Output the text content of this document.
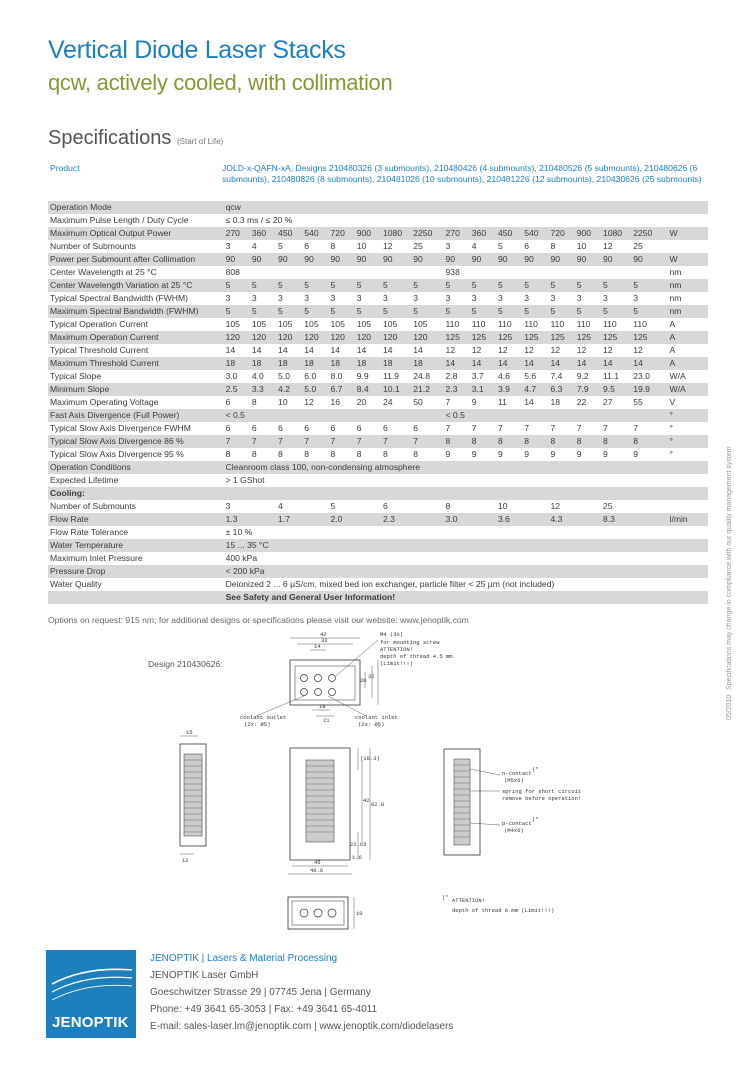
Vertical Diode Laser Stacks
qcw, actively cooled, with collimation
Specifications (Start of Life)
Product	JOLD-x-QAFN-xA, Designs 210480326 (3 submounts), 210480426 (4 submounts), 210480526 (5 submounts), 210480626 (6 submounts), 210480826 (8 submounts), 210481026 (10 submounts), 210481226 (12 submounts), 210430626 (25 submounts)
Operation Mode	qcw																
Maximum Pulse Length / Duty Cycle	≤ 0.3 ms / ≤ 20 %																
Maximum Optical Output Power	270	360	450	540	720	900	1080	2250	270	360	450	540	720	900	1080	2250	W
Number of Submounts	3	4	5	6	8	10	12	25	3	4	5	6	8	10	12	25	
Power per Submount after Collimation	90	90	90	90	90	90	90	90	90	90	90	90	90	90	90	90	W
Center Wavelength at 25 °C	808								938								nm
Center Wavelength Variation at 25 °C	5	5	5	5	5	5	5	5	5	5	5	5	5	5	5	5	nm
Typical Spectral Bandwidth (FWHM)	3	3	3	3	3	3	3	3	3	3	3	3	3	3	3	3	nm
Maximum Spectral Bandwidth (FWHM)	5	5	5	5	5	5	5	5	5	5	5	5	5	5	5	5	nm
Typical Operation Current	105	105	105	105	105	105	105	105	110	110	110	110	110	110	110	110	A
Maximum Operation Current	120	120	120	120	120	120	120	120	125	125	125	125	125	125	125	125	A
Typical Threshold Current	14	14	14	14	14	14	14	14	12	12	12	12	12	12	12	12	A
Maximum Threshold Current	18	18	18	18	18	18	18	18	14	14	14	14	14	14	14	14	A
Typical Slope	3.0	4.0	5.0	6.0	8.0	9.9	11.9	24.8	2.8	3.7	4.6	5.6	7.4	9.2	11.1	23.0	W/A
Minimum Slope	2.5	3.3	4.2	5.0	6.7	8.4	10.1	21.2	2.3	3.1	3.9	4.7	6.3	7.9	9.5	19.9	W/A
Maximum Operating Voltage	6	8	10	12	16	20	24	50	7	9	11	14	18	22	27	55	V
Fast Axis Divergence (Full Power)	< 0.5								< 0.5								°
Typical Slow Axis Divergence FWHM	6	6	6	6	6	6	6	6	7	7	7	7	7	7	7	7	°
Typical Slow Axis Divergence 86 %	7	7	7	7	7	7	7	7	8	8	8	8	8	8	8	8	°
Typical Slow Axis Divergence 95 %	8	8	8	8	8	8	8	8	9	9	9	9	9	9	9	9	°
Operation Conditions	Cleanroom class 100, non-condensing atmosphere																
Expected Lifetime	> 1 GShot																
Cooling:																	
Number of Submounts	3		4		5		6		8		10		12		25		
Flow Rate	1.3		1.7		2.0		2.3		3.0		3.6		4.3		8.3		l/min
Flow Rate Tolerance	± 10 %																
Water Temperature	15 ... 35 °C																
Maximum Inlet Pressure	400 kPa																
Pressure Drop	< 200 kPa																
Water Quality	Deionized 2 ... 6 µS/cm, mixed bed ion exchanger, particle filter < 25 µm (not included)																
	See Safety and General User Information!																
Options on request: 915 nm; for additional designs or specifications please visit our website: www.jenoptik.com	Specifications may change in compliance with our quality management system
05/2010
Design 210430626:
42
32
14
20
32
18
21
M4 (3x)
for mounting screw
ATTENTION!
depth of thread 4.5 mm
(Limit!!!)
coolant outlet
(2x: Ø5)
coolant inlet
(2x: Ø5)
15
12
(18.3)
42
82.8
22.65
45
46.6
1.6
n-contact
(*
(M5x6)
spring for short circuit
remove before operation!
p-contact
(*
(M4x6)
10
(* ATTENTION!
depth of thread 6 mm (Limit!!!)
JENOPTIK
JENOPTIK | Lasers & Material Processing
JENOPTIK Laser GmbH
Goeschwitzer Strasse 29 | 07745 Jena | Germany
Phone: +49 3641 65-3053 | Fax: +49 3641 65-4011
E-mail: sales-laser.lm@jenoptik.com | www.jenoptik.com/diodelasers
